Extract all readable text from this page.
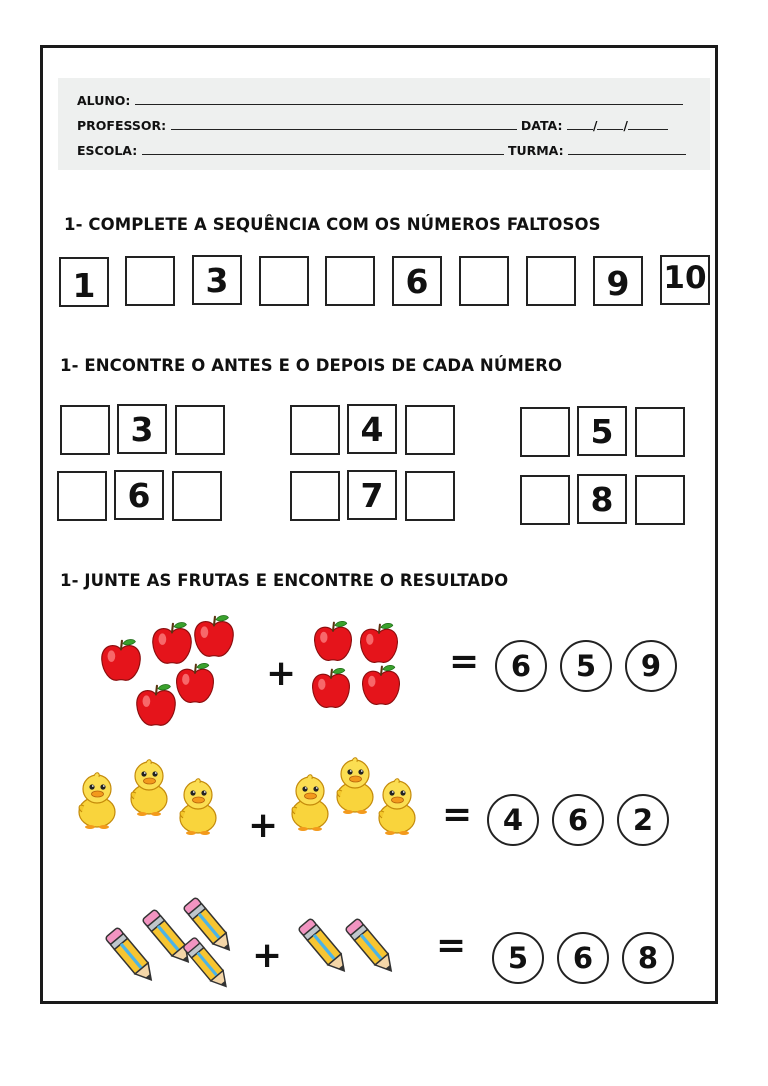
ALUNO:
PROFESSOR:	DATA: / /
ESCOLA:	TURMA:
1- COMPLETE A SEQUÊNCIA COM OS NÚMEROS FALTOSOS
1	3	6	9	10
1- ENCONTRE O ANTES E O DEPOIS DE CADA NÚMERO
3	4	5
6	7	8
1- JUNTE AS FRUTAS E ENCONTRE O RESULTADO
+	=	6	5	9
+	=	4	6	2
+	=	5	6	8
